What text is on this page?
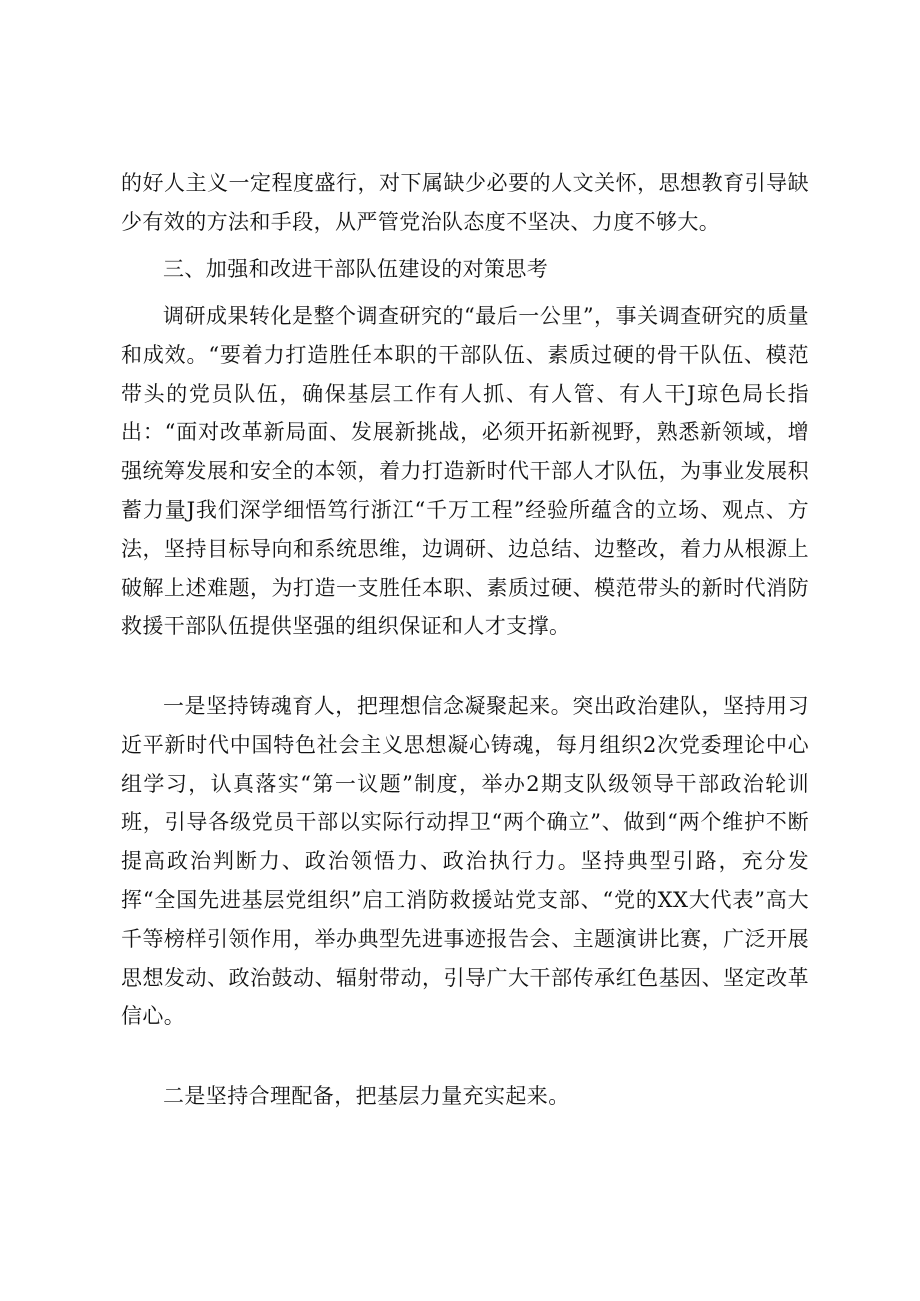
的好人主义一定程度盛行，对下属缺少必要的人文关怀，思想教育引导缺少有效的方法和手段，从严管党治队态度不坚决、力度不够大。
三、加强和改进干部队伍建设的对策思考
调研成果转化是整个调查研究的“最后一公里”，事关调查研究的质量和成效。“要着力打造胜任本职的干部队伍、素质过硬的骨干队伍、模范带头的党员队伍，确保基层工作有人抓、有人管、有人干J琼色局长指出：“面对改革新局面、发展新挑战，必须开拓新视野，熟悉新领域，增强统筹发展和安全的本领，着力打造新时代干部人才队伍，为事业发展积蓄力量J我们深学细悟笃行浙江“千万工程”经验所蕴含的立场、观点、方法，坚持目标导向和系统思维，边调研、边总结、边整改，着力从根源上破解上述难题，为打造一支胜任本职、素质过硬、模范带头的新时代消防救援干部队伍提供坚强的组织保证和人才支撑。
一是坚持铸魂育人，把理想信念凝聚起来。突出政治建队，坚持用习近平新时代中国特色社会主义思想凝心铸魂，每月组织2次党委理论中心组学习，认真落实“第一议题”制度，举办2期支队级领导干部政治轮训班，引导各级党员干部以实际行动捍卫“两个确立”、做到“两个维护不断提高政治判断力、政治领悟力、政治执行力。坚持典型引路，充分发挥“全国先进基层党组织”启工消防救援站党支部、“党的XX大代表”高大千等榜样引领作用，举办典型先进事迹报告会、主题演讲比赛，广泛开展思想发动、政治鼓动、辐射带动，引导广大干部传承红色基因、坚定改革信心。
二是坚持合理配备，把基层力量充实起来。
